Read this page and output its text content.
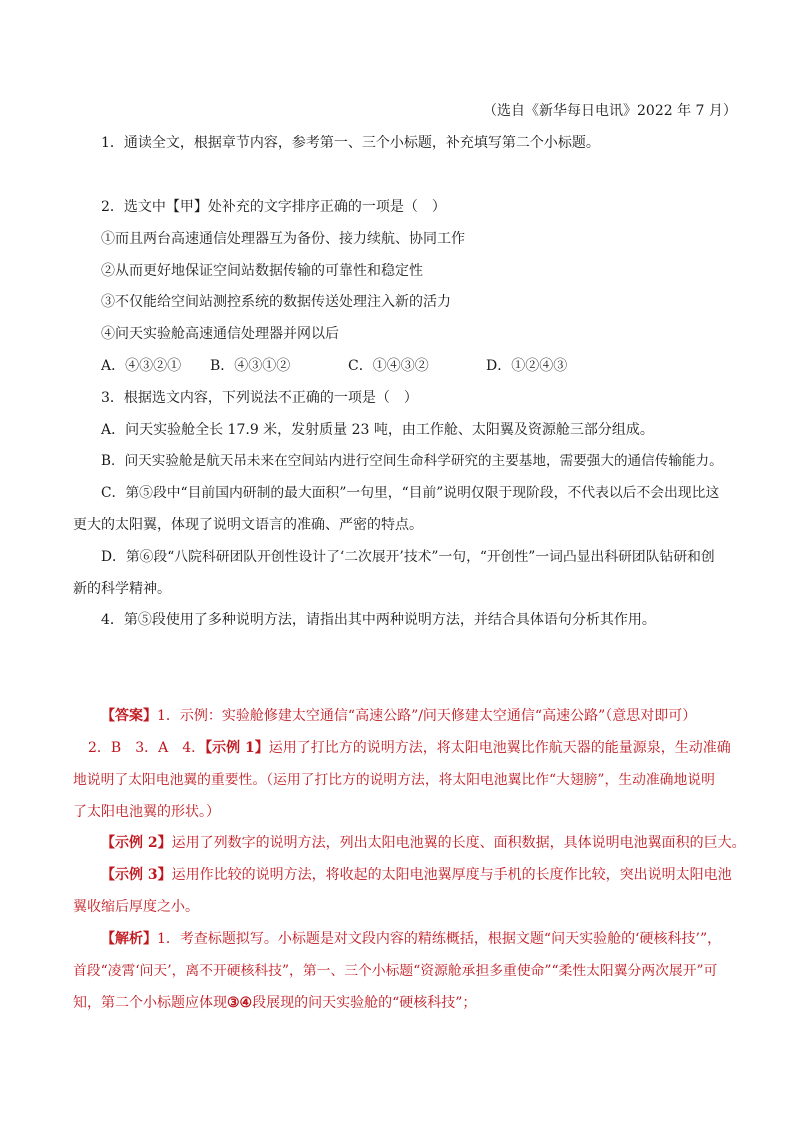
（选自《新华每日电讯》2022 年 7 月）
1．通读全文，根据章节内容，参考第一、三个小标题，补充填写第二个小标题。
2．选文中【甲】处补充的文字排序正确的一项是（　）
①而且两台高速通信处理器互为备份、接力续航、协同工作
②从而更好地保证空间站数据传输的可靠性和稳定性
③不仅能给空间站测控系统的数据传送处理注入新的活力
④问天实验舱高速通信处理器并网以后
A．④③②① B．④③①②	C．①④③②	D．①②④③
3．根据选文内容，下列说法不正确的一项是（　）
A．问天实验舱全长 17.9 米，发射质量 23 吨，由工作舱、太阳翼及资源舱三部分组成。
B．问天实验舱是航天吊未来在空间站内进行空间生命科学研究的主要基地，需要强大的通信传输能力。
C．第⑤段中“目前国内研制的最大面积”一句里，“目前”说明仅限于现阶段，不代表以后不会出现比这
更大的太阳翼，体现了说明文语言的准确、严密的特点。
D．第⑥段“八院科研团队开创性设计了‘二次展开’技术”一句，“开创性”一词凸显出科研团队钻研和创
新的科学精神。
4．第⑤段使用了多种说明方法，请指出其中两种说明方法，并结合具体语句分析其作用。
【答案】1．示例：实验舱修建太空通信“高速公路”/问天修建太空通信“高速公路”（意思对即可）
2．B　3．A　4．【示例 1】运用了打比方的说明方法，将太阳电池翼比作航天器的能量源泉，生动准确
地说明了太阳电池翼的重要性。（运用了打比方的说明方法，将太阳电池翼比作“大翅膀”，生动准确地说明
了太阳电池翼的形状。）
【示例 2】运用了列数字的说明方法，列出太阳电池翼的长度、面积数据，具体说明电池翼面积的巨大。
【示例 3】运用作比较的说明方法，将收起的太阳电池翼厚度与手机的长度作比较，突出说明太阳电池
翼收缩后厚度之小。
【解析】1．考查标题拟写。小标题是对文段内容的精练概括，根据文题“问天实验舱的‘硬核科技’”，
首段“凌霄‘问天’，离不开硬核科技”，第一、三个小标题“资源舱承担多重使命”“柔性太阳翼分两次展开”可
知，第二个小标题应体现③④段展现的问天实验舱的“硬核科技”；
